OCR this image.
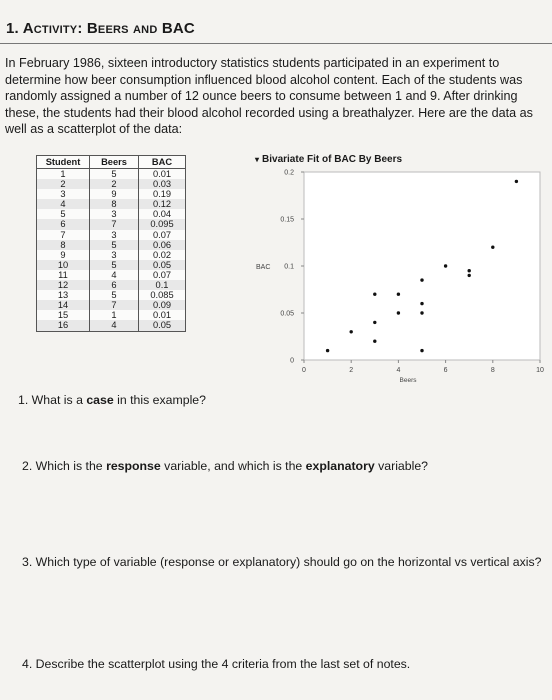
1. Activity: Beers and BAC
In February 1986, sixteen introductory statistics students participated in an experiment to determine how beer consumption influenced blood alcohol content. Each of the students was randomly assigned a number of 12 ounce beers to consume between 1 and 9. After drinking these, the students had their blood alcohol recorded using a breathalyzer. Here are the data as well as a scatterplot of the data:
Student	Beers	BAC
1	5	0.01
2	2	0.03
3	9	0.19
4	8	0.12
5	3	0.04
6	7	0.095
7	3	0.07
8	5	0.06
9	3	0.02
10	5	0.05
11	4	0.07
12	6	0.1
13	5	0.085
14	7	0.09
15	1	0.01
16	4	0.05
▾ Bivariate Fit of BAC By Beers
0	2	4	6	8	10
0
0.05
0.1
0.15
0.2
Beers
BAC
1. What is a case in this example?
2. Which is the response variable, and which is the explanatory variable?
3. Which type of variable (response or explanatory) should go on the horizontal vs vertical axis?
4. Describe the scatterplot using the 4 criteria from the last set of notes.
